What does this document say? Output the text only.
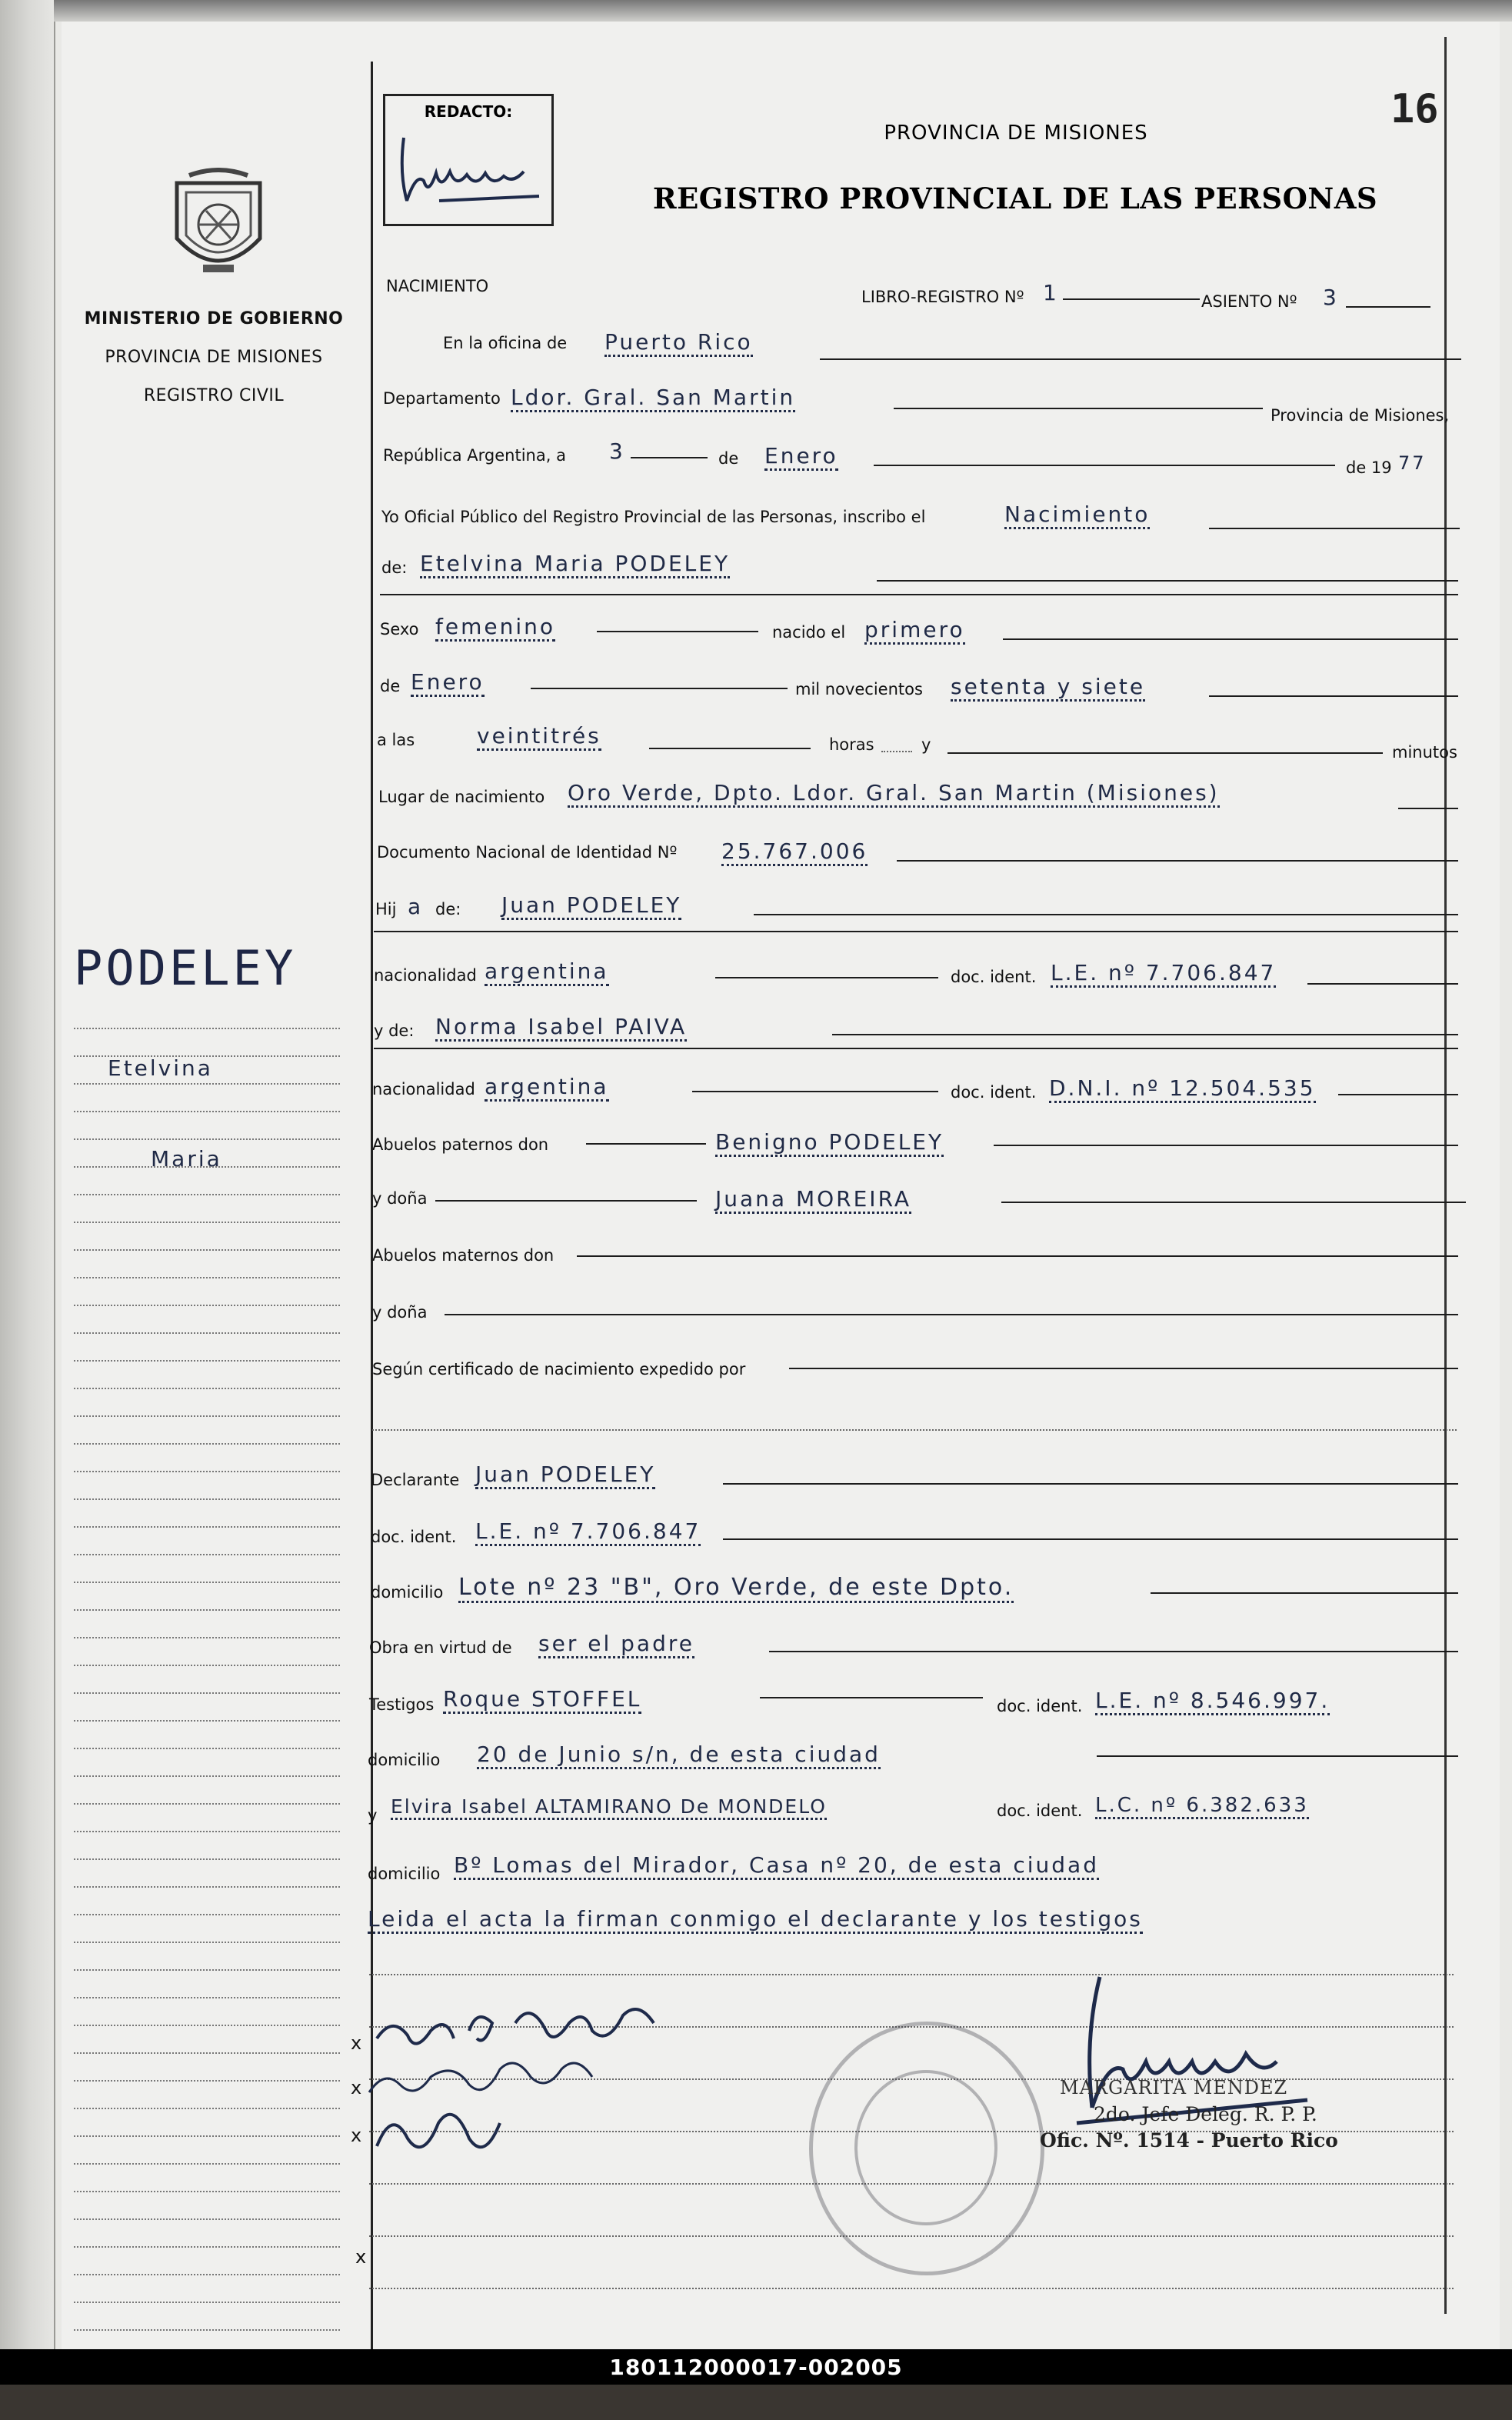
MINISTERIO DE GOBIERNO
PROVINCIA DE MISIONES
REGISTRO CIVIL
PODELEY
Etelvina
Maria
REDACTO:
PROVINCIA DE MISIONES
REGISTRO PROVINCIAL DE LAS PERSONAS
16
NACIMIENTO
LIBRO-REGISTRO Nº 1	ASIENTO Nº 3
En la oficina de Puerto Rico
Departamento Ldor. Gral. San Martin
Provincia de Misiones,
República Argentina, a 3	de Enero	de 19 77
Yo Oficial Público del Registro Provincial de las Personas, inscribo el	Nacimiento
de: Etelvina Maria PODELEY
Sexo femenino	nacido el primero
de Enero	mil novecientos setenta y siete
a las	veintitrés	horas	y	minutos
Lugar de nacimiento Oro Verde, Dpto. Ldor. Gral. San Martin (Misiones)
Documento Nacional de Identidad Nº 25.767.006
Hij a de: Juan PODELEY
nacionalidad argentina	doc. ident. L.E. nº 7.706.847
y de: Norma Isabel PAIVA
nacionalidad argentina	doc. ident. D.N.I. nº 12.504.535
Abuelos paternos don	Benigno PODELEY
y doña	Juana MOREIRA
Abuelos maternos don
y doña
Según certificado de nacimiento expedido por
Declarante Juan PODELEY
doc. ident. L.E. nº 7.706.847
domicilio Lote nº 23 "B", Oro Verde, de este Dpto.
Obra en virtud de ser el padre
Testigos Roque STOFFEL	doc. ident. L.E. nº 8.546.997.
domicilio 20 de Junio s/n, de esta ciudad
y Elvira Isabel ALTAMIRANO De MONDELO	doc. ident. L.C. nº 6.382.633
domicilio Bº Lomas del Mirador, Casa nº 20, de esta ciudad
Leida el acta la firman conmigo el declarante y los testigos
x
x
x
x
MARGARITA MENDEZ
2do. Jefe Deleg. R. P. P.
Ofic. Nº. 1514 - Puerto Rico
180112000017-002005
